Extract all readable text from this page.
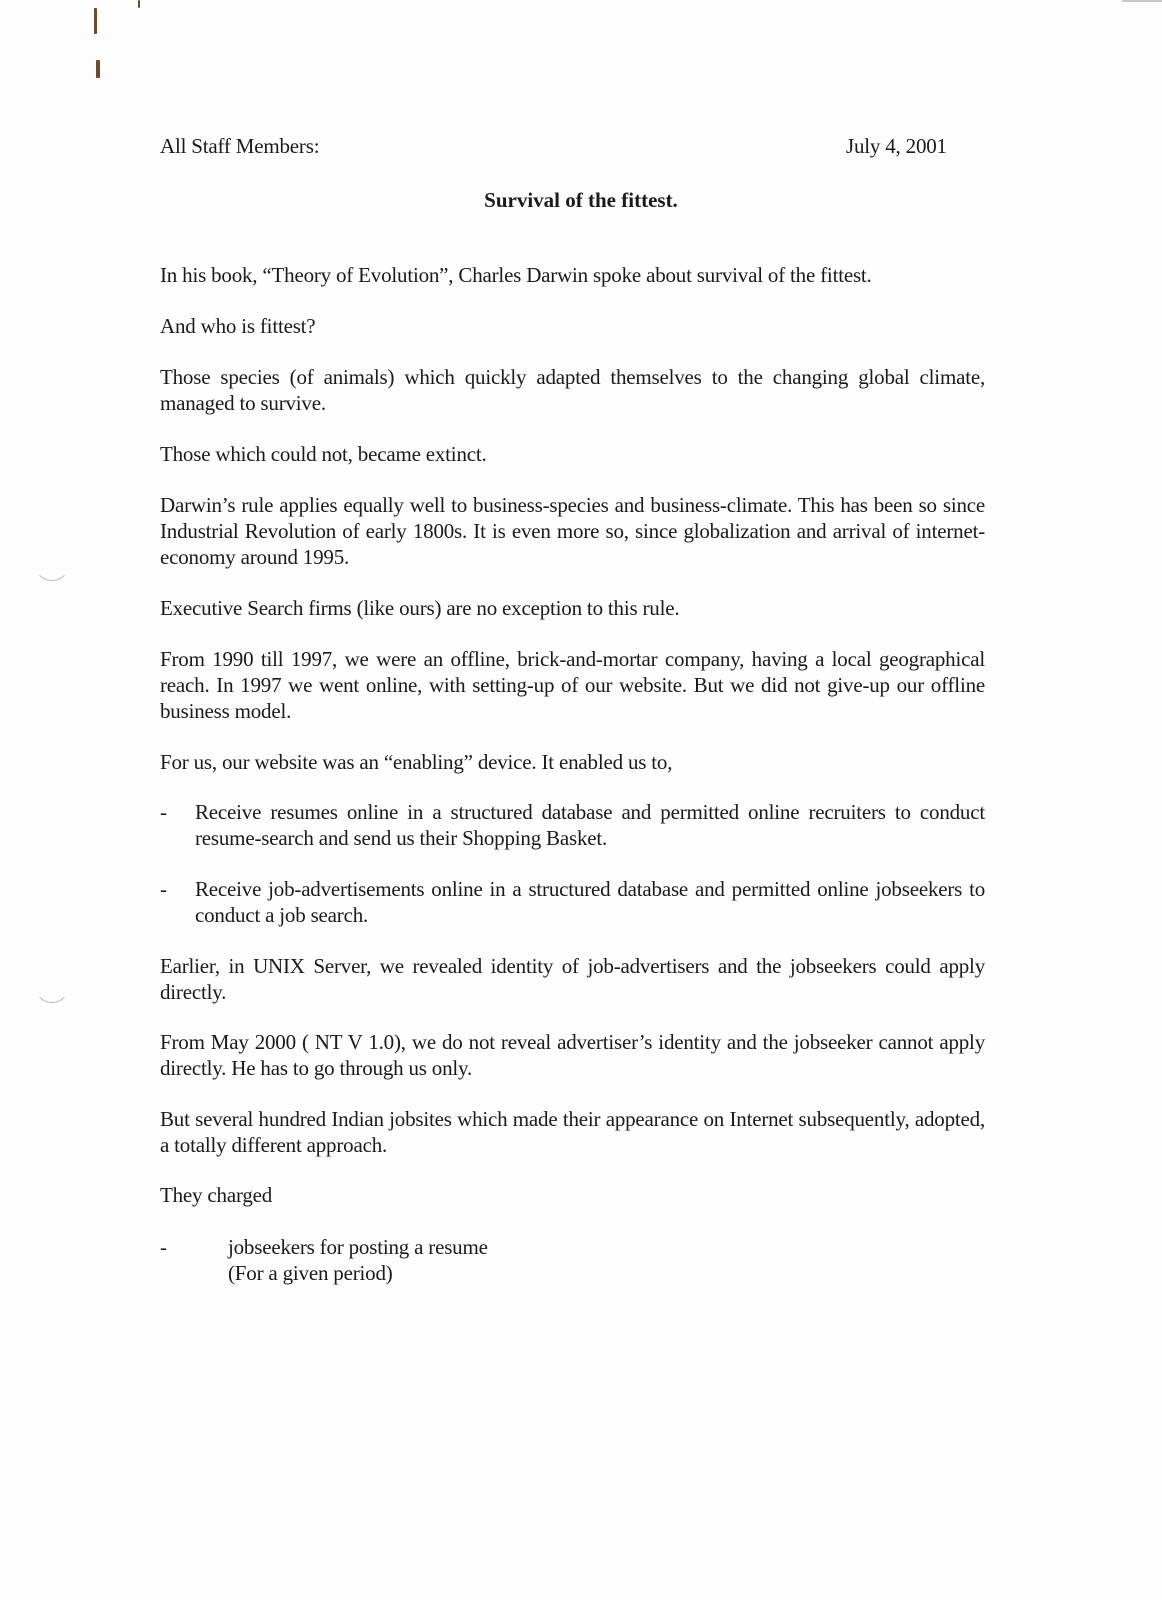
All Staff Members:	July 4, 2001
Survival of the fittest.
In his book, “Theory of Evolution”, Charles Darwin spoke about survival of the fittest.
And who is fittest?
Those species (of animals) which quickly adapted themselves to the changing global climate, managed to survive.
Those which could not, became extinct.
Darwin’s rule applies equally well to business-species and business-climate. This has been so since Industrial Revolution of early 1800s. It is even more so, since globalization and arrival of internet-economy around 1995.
Executive Search firms (like ours) are no exception to this rule.
From 1990 till 1997, we were an offline, brick-and-mortar company, having a local geographical reach. In 1997 we went online, with setting-up of our website. But we did not give-up our offline business model.
For us, our website was an “enabling” device. It enabled us to,
- Receive resumes online in a structured database and permitted online recruiters to conduct resume-search and send us their Shopping Basket.
- Receive job-advertisements online in a structured database and permitted online jobseekers to conduct a job search.
Earlier, in UNIX Server, we revealed identity of job-advertisers and the jobseekers could apply directly.
From May 2000 ( NT V 1.0), we do not reveal advertiser’s identity and the jobseeker cannot apply directly. He has to go through us only.
But several hundred Indian jobsites which made their appearance on Internet subsequently, adopted, a totally different approach.
They charged
-	jobseekers for posting a resume
(For a given period)
